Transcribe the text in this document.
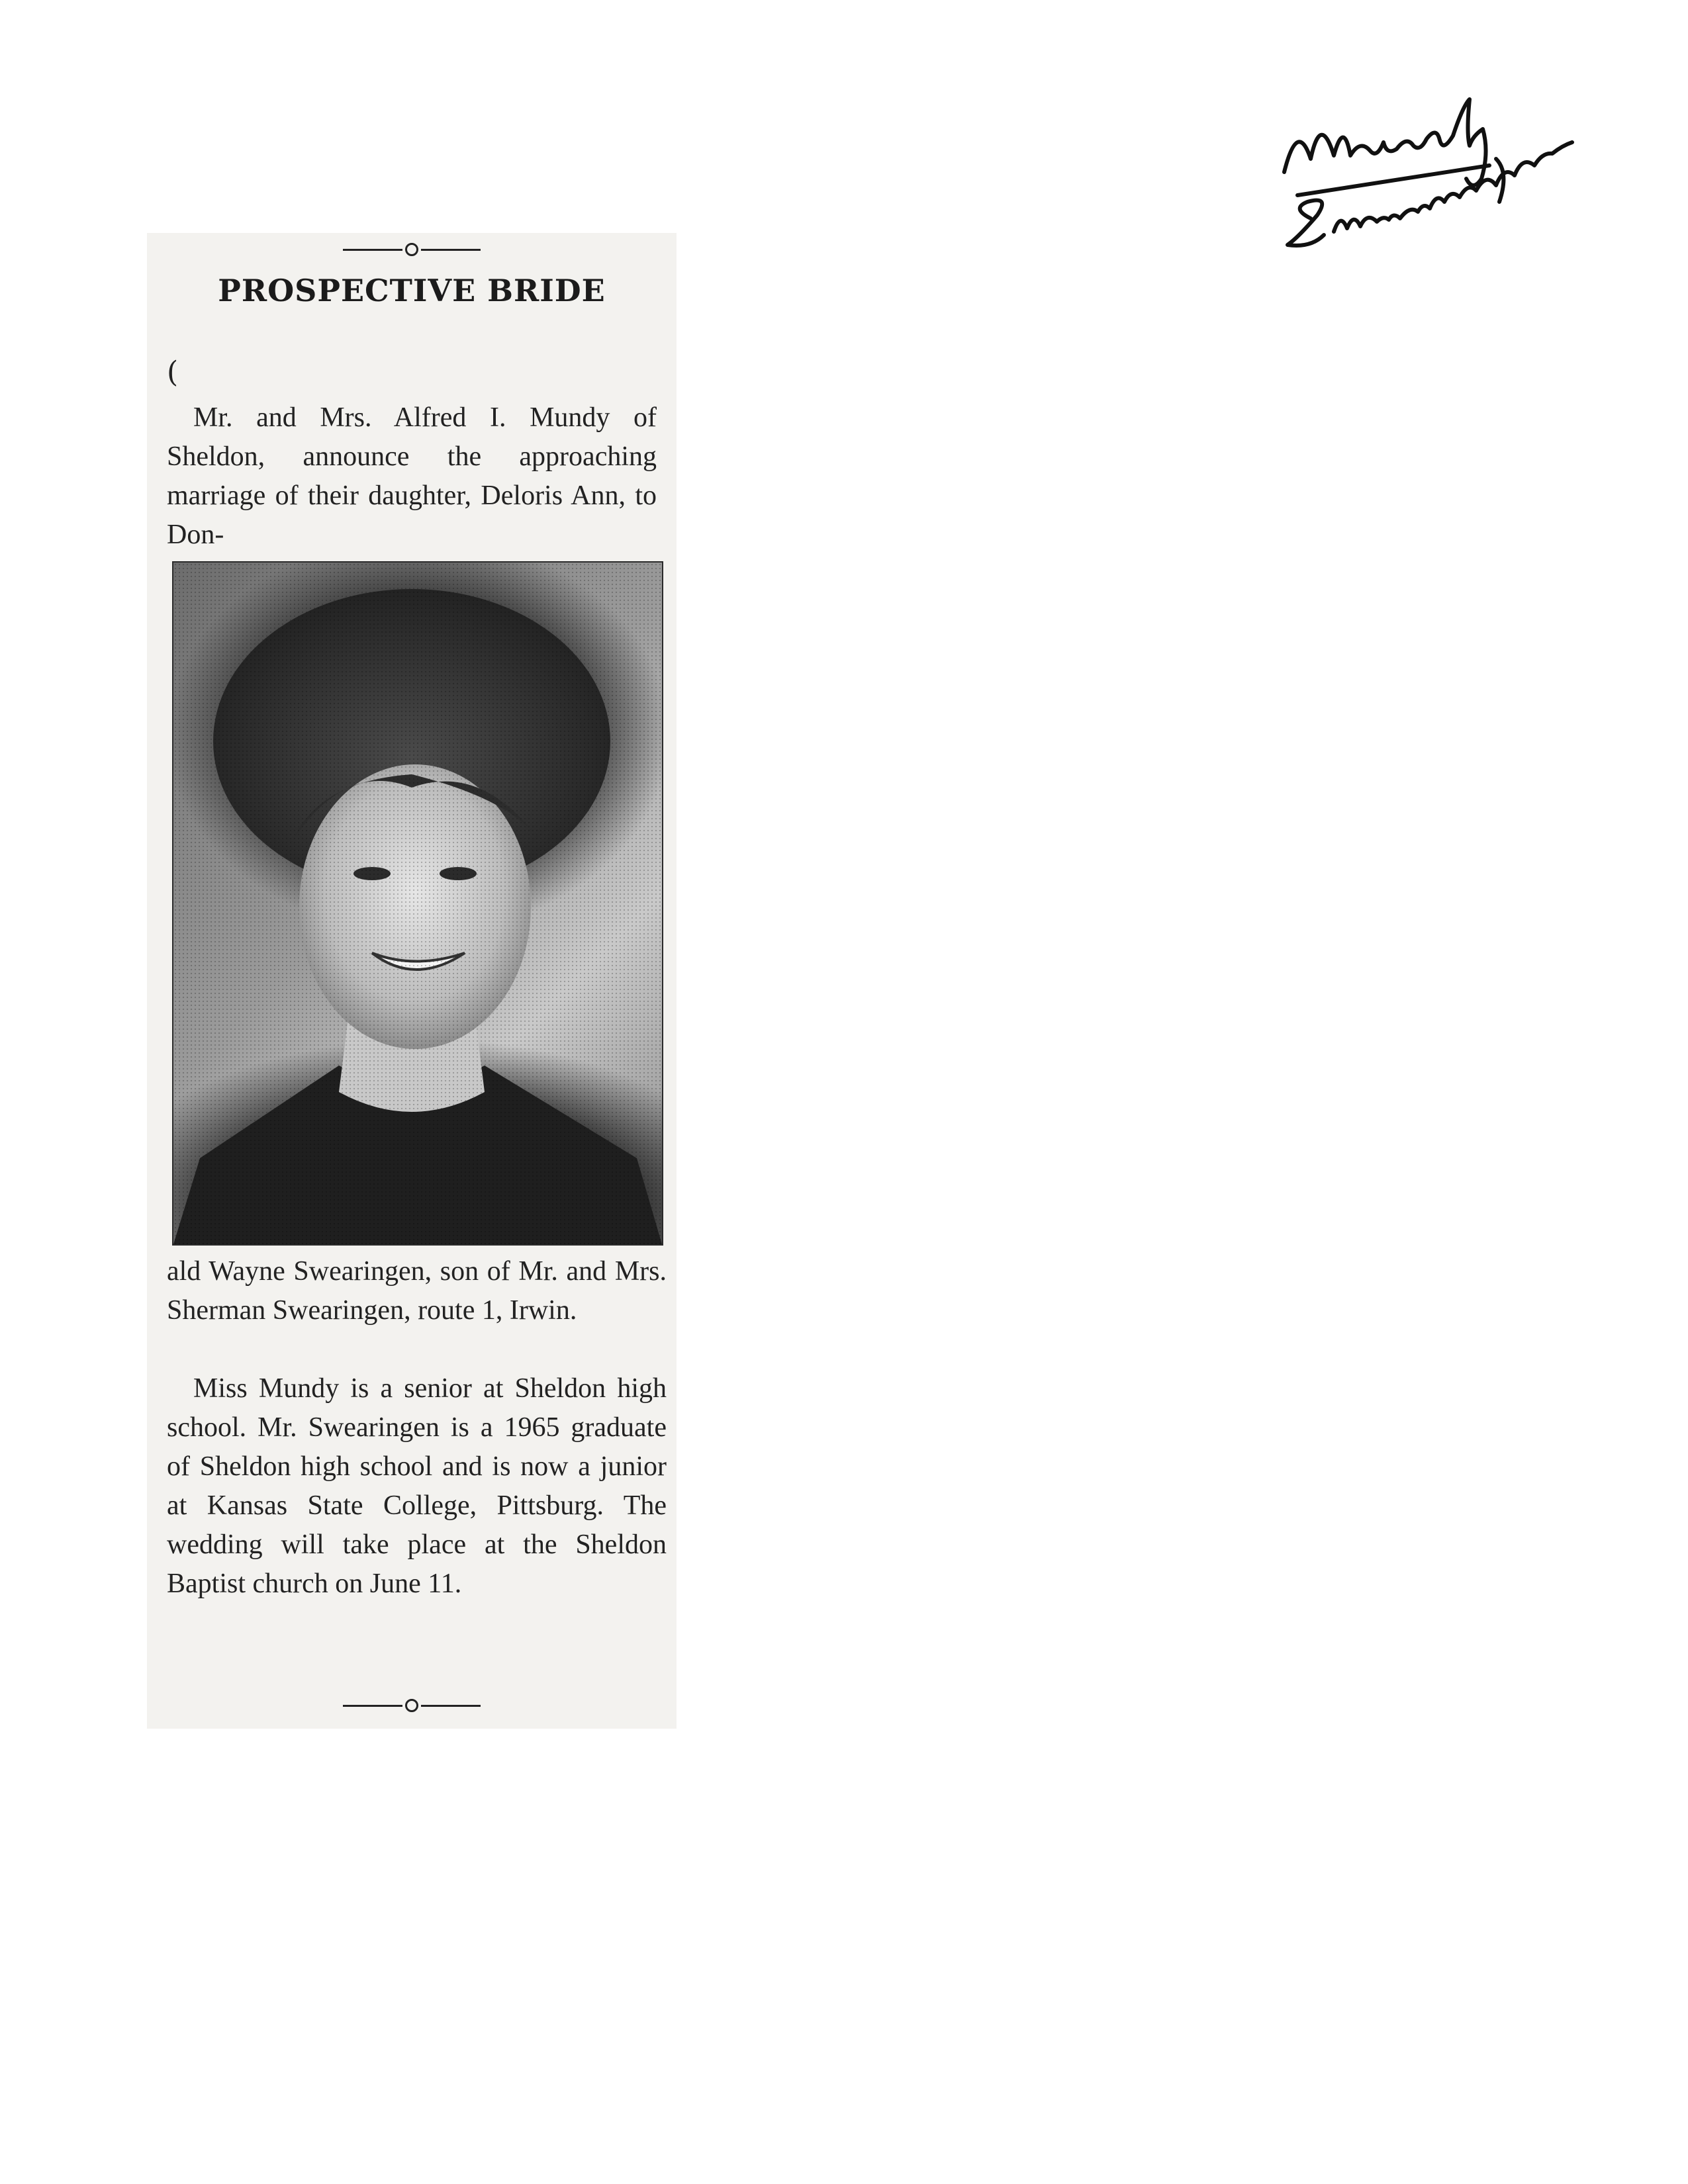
PROSPECTIVE BRIDE
(
Mr. and Mrs. Alfred I. Mundy of Sheldon, announce the approaching marriage of their daughter, Deloris Ann, to Don-
ald Wayne Swearingen, son of Mr. and Mrs. Sherman Swearingen, route 1, Irwin.
Miss Mundy is a senior at Sheldon high school. Mr. Swearingen is a 1965 graduate of Sheldon high school and is now a junior at Kansas State College, Pittsburg. The wedding will take place at the Sheldon Baptist church on June 11.
